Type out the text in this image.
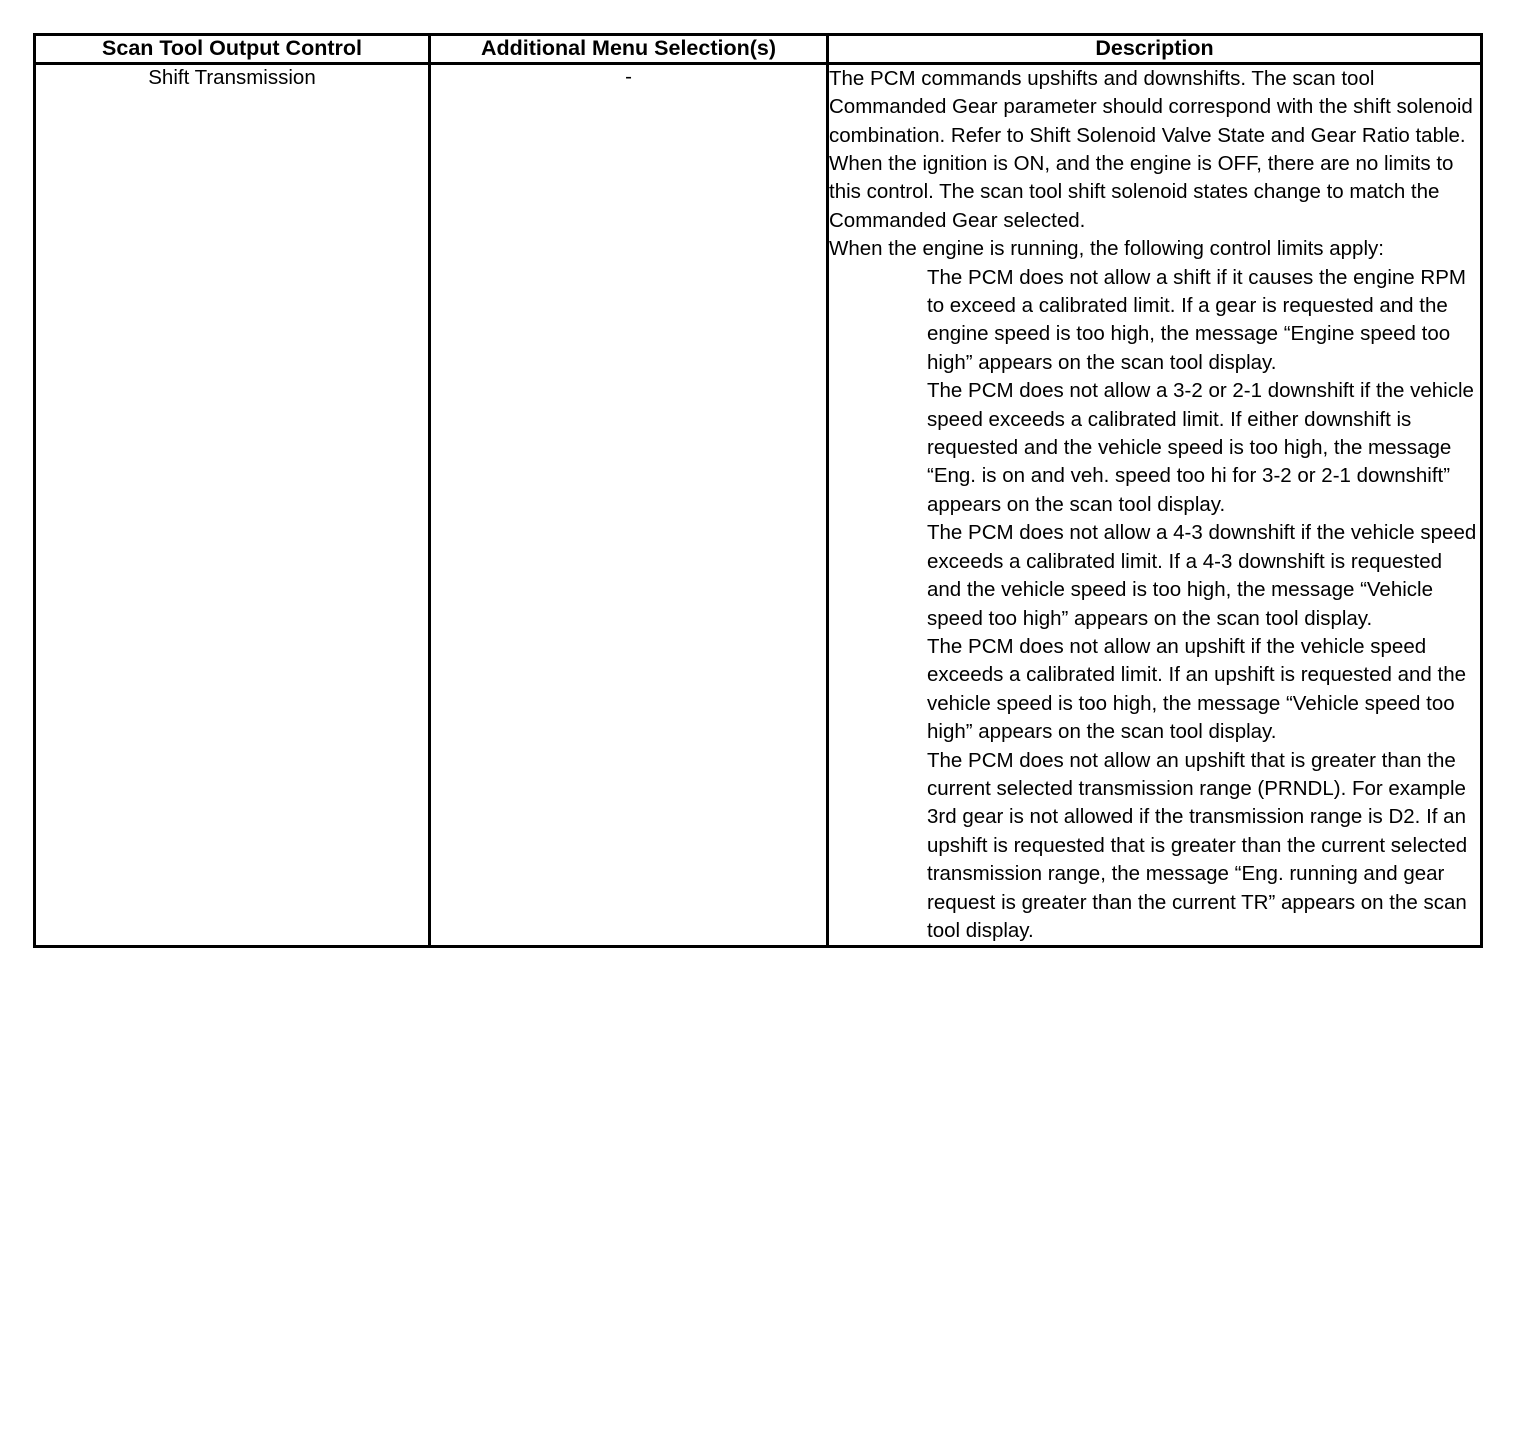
Scan Tool Output Control	Additional Menu Selection(s)	Description
Shift Transmission	-	The PCM commands upshifts and downshifts. The scan tool Commanded Gear parameter should correspond with the shift solenoid combination. Refer to Shift Solenoid Valve State and Gear Ratio table.

When the ignition is ON, and the engine is OFF, there are no limits to this control. The scan tool shift solenoid states change to match the Commanded Gear selected.

When the engine is running, the following control limits apply:

The PCM does not allow a shift if it causes the engine RPM to exceed a calibrated limit. If a gear is requested and the engine speed is too high, the message “Engine speed too high” appears on the scan tool display.

The PCM does not allow a 3-2 or 2-1 downshift if the vehicle speed exceeds a calibrated limit. If either downshift is requested and the vehicle speed is too high, the message “Eng. is on and veh. speed too hi for 3-2 or 2-1 downshift” appears on the scan tool display.

The PCM does not allow a 4-3 downshift if the vehicle speed exceeds a calibrated limit. If a 4-3 downshift is requested and the vehicle speed is too high, the message “Vehicle speed too high” appears on the scan tool display.

The PCM does not allow an upshift if the vehicle speed exceeds a calibrated limit. If an upshift is requested and the vehicle speed is too high, the message “Vehicle speed too high” appears on the scan tool display.

The PCM does not allow an upshift that is greater than the current selected transmission range (PRNDL). For example 3rd gear is not allowed if the transmission range is D2. If an upshift is requested that is greater than the current selected transmission range, the message “Eng. running and gear request is greater than the current TR” appears on the scan tool display.
